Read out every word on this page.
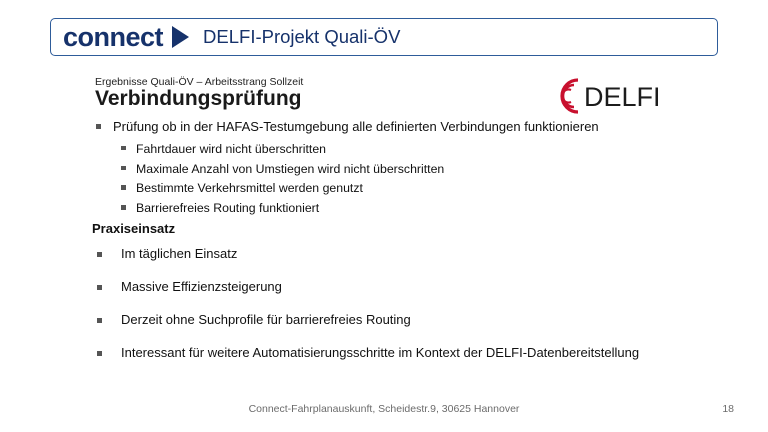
connect DELFI-Projekt Quali-ÖV
Ergebnisse Quali-ÖV – Arbeitsstrang Sollzeit
Verbindungsprüfung	DELFI
Prüfung ob in der HAFAS-Testumgebung alle definierten Verbindungen funktionieren
Fahrtdauer wird nicht überschritten
Maximale Anzahl von Umstiegen wird nicht überschritten
Bestimmte Verkehrsmittel werden genutzt
Barrierefreies Routing funktioniert
Praxiseinsatz
Im täglichen Einsatz
Massive Effizienzsteigerung
Derzeit ohne Suchprofile für barrierefreies Routing
Interessant für weitere Automatisierungsschritte im Kontext der DELFI-Datenbereitstellung
Connect-Fahrplanauskunft, Scheidestr.9, 30625 Hannover	18
